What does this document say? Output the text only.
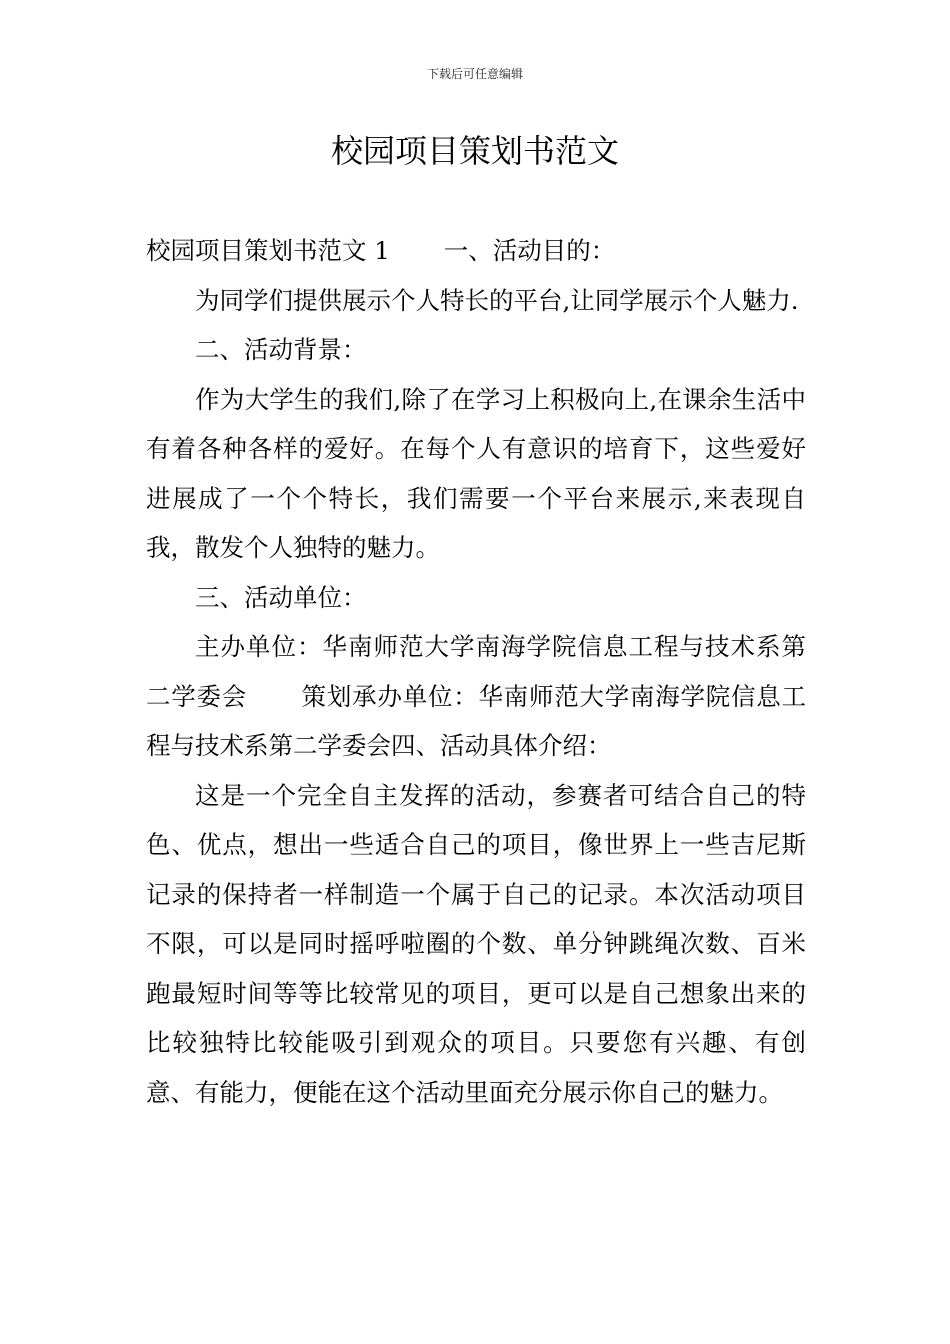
下载后可任意编辑
校园项目策划书范文

校园项目策划书范文 1 一、活动目的：

为同学们提供展示个人特长的平台,让同学展示个人魅力.

二、活动背景：

作为大学生的我们,除了在学习上积极向上,在课余生活中有着各种各样的爱好。在每个人有意识的培育下，这些爱好进展成了一个个特长，我们需要一个平台来展示,来表现自我，散发个人独特的魅力。

三、活动单位：

主办单位：华南师范大学南海学院信息工程与技术系第二学委会 策划承办单位：华南师范大学南海学院信息工程与技术系第二学委会四、活动具体介绍：

这是一个完全自主发挥的活动，参赛者可结合自己的特色、优点，想出一些适合自己的项目，像世界上一些吉尼斯记录的保持者一样制造一个属于自己的记录。本次活动项目不限，可以是同时摇呼啦圈的个数、单分钟跳绳次数、百米跑最短时间等等比较常见的项目，更可以是自己想象出来的比较独特比较能吸引到观众的项目。只要您有兴趣、有创意、有能力，便能在这个活动里面充分展示你自己的魅力。
